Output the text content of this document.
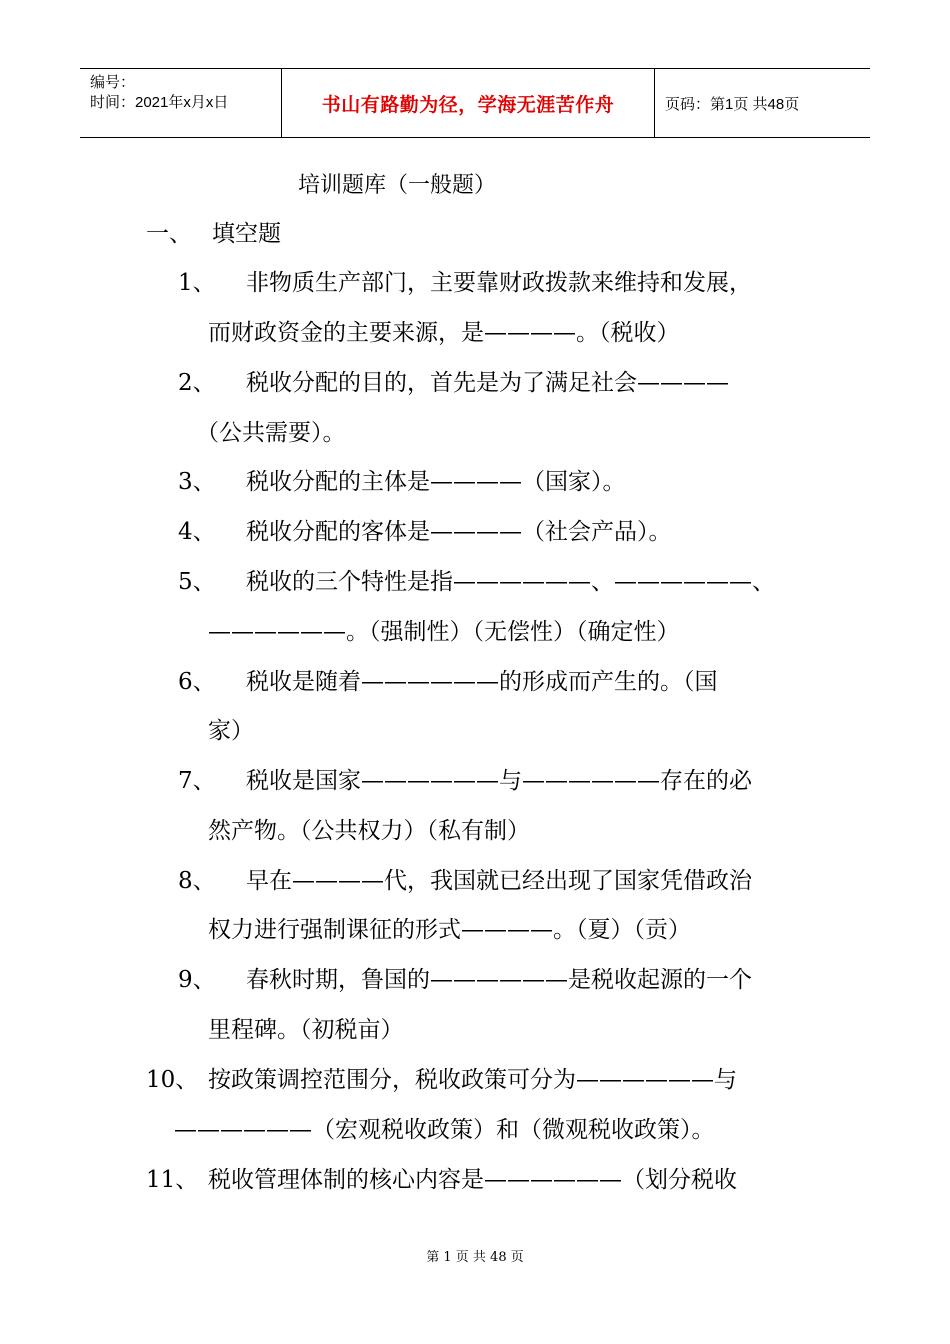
编号：
时间：2021年x月x日	书山有路勤为径，学海无涯苦作舟	页码：第1页 共48页
培训题库（一般题）
一、 填空题
1、 非物质生产部门，主要靠财政拨款来维持和发展，
而财政资金的主要来源，是————。（税收）
2、 税收分配的目的，首先是为了满足社会————
（公共需要）。
3、 税收分配的主体是————（国家）。
4、 税收分配的客体是————（社会产品）。
5、 税收的三个特性是指——————、——————、
——————。（强制性）（无偿性）（确定性）
6、 税收是随着——————的形成而产生的。（国
家）
7、 税收是国家——————与——————存在的必
然产物。（公共权力）（私有制）
8、 早在————代，我国就已经出现了国家凭借政治
权力进行强制课征的形式————。（夏）（贡）
9、 春秋时期，鲁国的——————是税收起源的一个
里程碑。（初税亩）
10、 按政策调控范围分，税收政策可分为——————与
——————（宏观税收政策）和（微观税收政策）。
11、 税收管理体制的核心内容是——————（划分税收
第 1 页 共 48 页
